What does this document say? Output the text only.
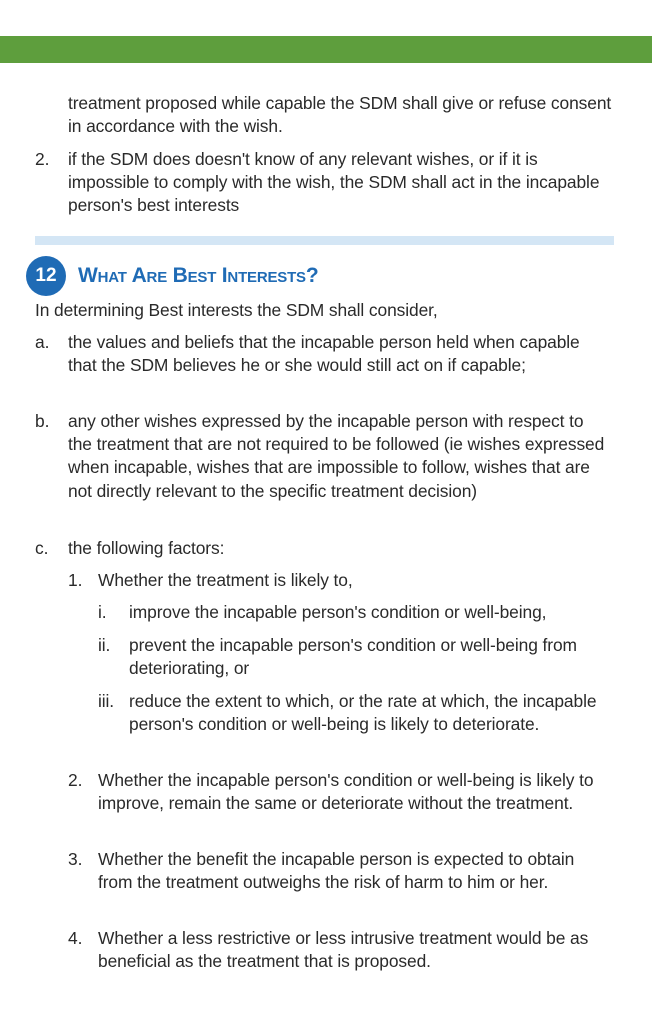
treatment proposed while capable the SDM shall give or refuse consent in accordance with the wish.
2.	if the SDM does doesn't know of any relevant wishes, or if it is impossible to comply with the wish, the SDM shall act in the incapable person's best interests
12	What Are Best Interests?
In determining Best interests the SDM shall consider,
a.	the values and beliefs that the incapable person held when capable that the SDM believes he or she would still act on if capable;
b.	any other wishes expressed by the incapable person with respect to the treatment that are not required to be followed (ie wishes expressed when incapable, wishes that are impossible to follow, wishes that are not directly relevant to the specific treatment decision)
c.	the following factors:
1. Whether the treatment is likely to,
i.	improve the incapable person's condition or well-being,
ii.	prevent the incapable person's condition or well-being from deteriorating, or
iii. reduce the extent to which, or the rate at which, the incapable person's condition or well-being is likely to deteriorate.
2. Whether the incapable person's condition or well-being is likely to improve, remain the same or deteriorate without the treatment.
3. Whether the benefit the incapable person is expected to obtain from the treatment outweighs the risk of harm to him or her.
4. Whether a less restrictive or less intrusive treatment would be as beneficial as the treatment that is proposed.
